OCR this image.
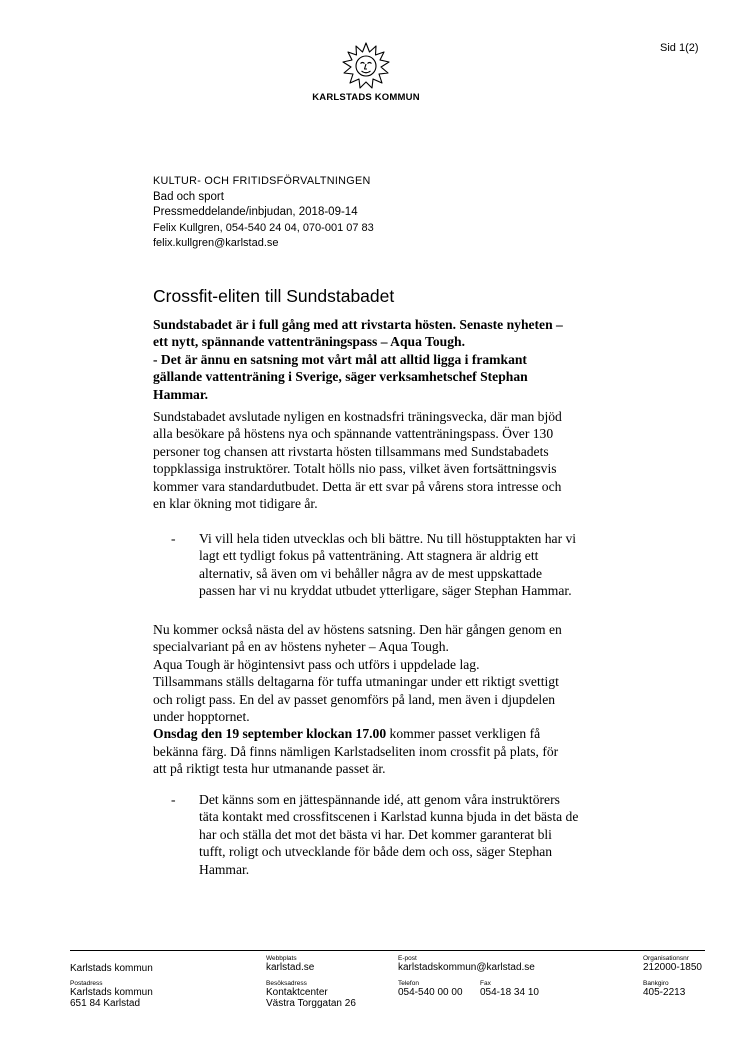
Sid 1(2)
KARLSTADS KOMMUN
KULTUR- OCH FRITIDSFÖRVALTNINGEN
Bad och sport
Pressmeddelande/inbjudan, 2018-09-14
Felix Kullgren, 054-540 24 04, 070-001 07 83
felix.kullgren@karlstad.se
Crossfit-eliten till Sundstabadet
Sundstabadet är i full gång med att rivstarta hösten. Senaste nyheten –
ett nytt, spännande vattenträningspass – Aqua Tough.
- Det är ännu en satsning mot vårt mål att alltid ligga i framkant
gällande vattenträning i Sverige, säger verksamhetschef Stephan
Hammar.
Sundstabadet avslutade nyligen en kostnadsfri träningsvecka, där man bjöd
alla besökare på höstens nya och spännande vattenträningspass. Över 130
personer tog chansen att rivstarta hösten tillsammans med Sundstabadets
toppklassiga instruktörer. Totalt hölls nio pass, vilket även fortsättningsvis
kommer vara standardutbudet. Detta är ett svar på vårens stora intresse och
en klar ökning mot tidigare år.
-	Vi vill hela tiden utvecklas och bli bättre. Nu till höstupptakten har vi
lagt ett tydligt fokus på vattenträning. Att stagnera är aldrig ett
alternativ, så även om vi behåller några av de mest uppskattade
passen har vi nu kryddat utbudet ytterligare, säger Stephan Hammar.
Nu kommer också nästa del av höstens satsning. Den här gången genom en
specialvariant på en av höstens nyheter – Aqua Tough.
Aqua Tough är högintensivt pass och utförs i uppdelade lag.
Tillsammans ställs deltagarna för tuffa utmaningar under ett riktigt svettigt
och roligt pass. En del av passet genomförs på land, men även i djupdelen
under hopptornet.
Onsdag den 19 september klockan 17.00 kommer passet verkligen få
bekänna färg. Då finns nämligen Karlstadseliten inom crossfit på plats, för
att på riktigt testa hur utmanande passet är.
-	Det känns som en jättespännande idé, att genom våra instruktörers
täta kontakt med crossfitscenen i Karlstad kunna bjuda in det bästa de
har och ställa det mot det bästa vi har. Det kommer garanterat bli
tufft, roligt och utvecklande för både dem och oss, säger Stephan
Hammar.
Karlstads kommun
Webbplats
karlstad.se
E-post
karlstadskommun@karlstad.se
Organisationsnr
212000-1850
Postadress
Karlstads kommun
651 84 Karlstad
Besöksadress
Kontaktcenter
Västra Torggatan 26
Telefon
054-540 00 00
Fax
054-18 34 10
Bankgiro
405-2213
